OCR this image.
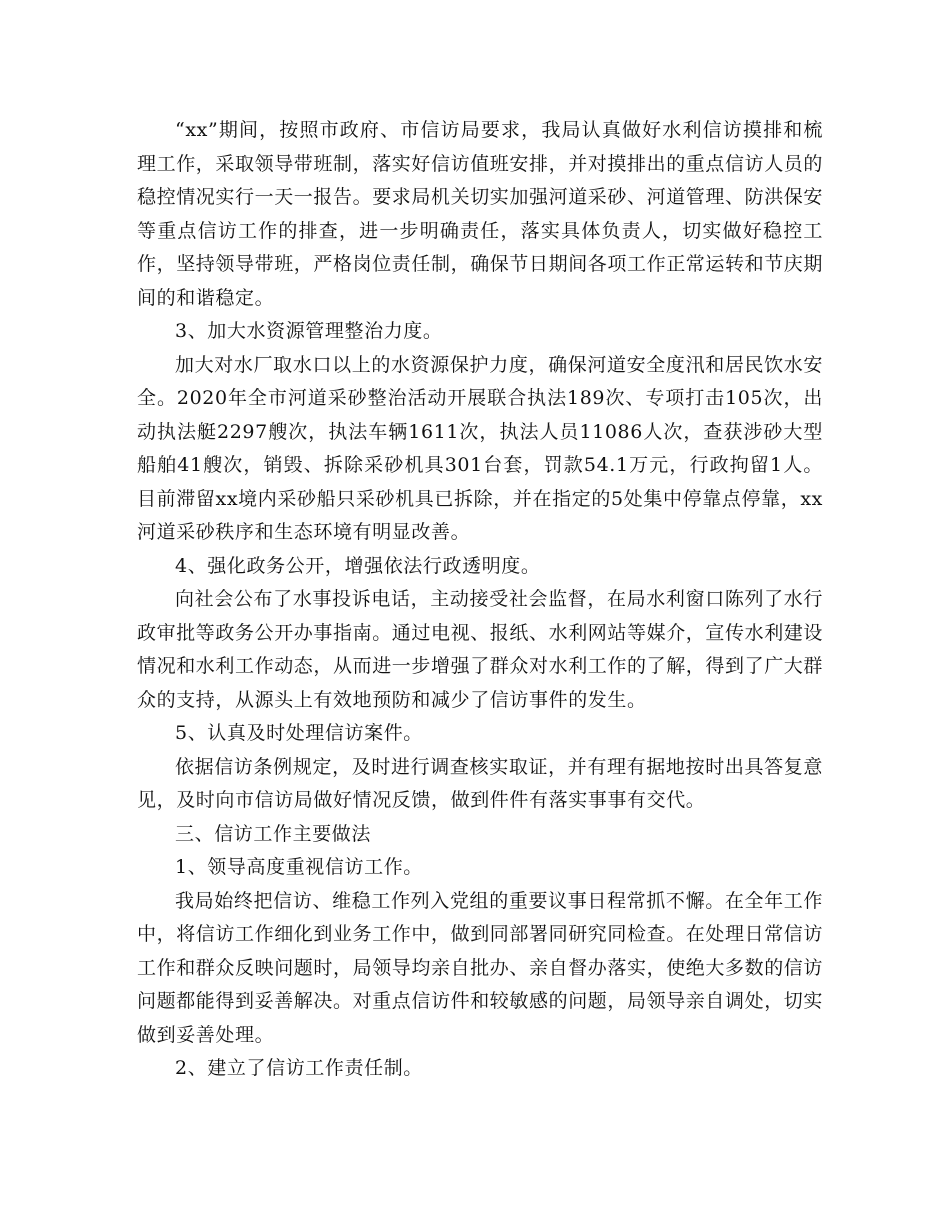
“xx”期间，按照市政府、市信访局要求，我局认真做好水利信访摸排和梳理工作，采取领导带班制，落实好信访值班安排，并对摸排出的重点信访人员的稳控情况实行一天一报告。要求局机关切实加强河道采砂、河道管理、防洪保安等重点信访工作的排查，进一步明确责任，落实具体负责人，切实做好稳控工作，坚持领导带班，严格岗位责任制，确保节日期间各项工作正常运转和节庆期间的和谐稳定。

3、加大水资源管理整治力度。

加大对水厂取水口以上的水资源保护力度，确保河道安全度汛和居民饮水安全。2020年全市河道采砂整治活动开展联合执法189次、专项打击105次，出动执法艇2297艘次，执法车辆1611次，执法人员11086人次，查获涉砂大型船舶41艘次，销毁、拆除采砂机具301台套，罚款54.1万元，行政拘留1人。目前滞留xx境内采砂船只采砂机具已拆除，并在指定的5处集中停靠点停靠，xx河道采砂秩序和生态环境有明显改善。

4、强化政务公开，增强依法行政透明度。

向社会公布了水事投诉电话，主动接受社会监督，在局水利窗口陈列了水行政审批等政务公开办事指南。通过电视、报纸、水利网站等媒介，宣传水利建设情况和水利工作动态，从而进一步增强了群众对水利工作的了解，得到了广大群众的支持，从源头上有效地预防和减少了信访事件的发生。

5、认真及时处理信访案件。

依据信访条例规定，及时进行调查核实取证，并有理有据地按时出具答复意见，及时向市信访局做好情况反馈，做到件件有落实事事有交代。

三、信访工作主要做法

1、领导高度重视信访工作。

我局始终把信访、维稳工作列入党组的重要议事日程常抓不懈。在全年工作中，将信访工作细化到业务工作中，做到同部署同研究同检查。在处理日常信访工作和群众反映问题时，局领导均亲自批办、亲自督办落实，使绝大多数的信访问题都能得到妥善解决。对重点信访件和较敏感的问题，局领导亲自调处，切实做到妥善处理。

2、建立了信访工作责任制。
